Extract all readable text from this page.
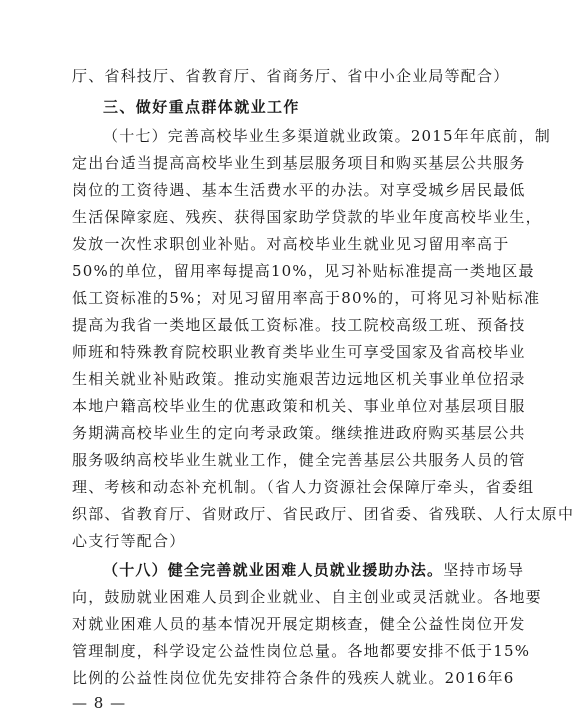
厅、省科技厅、省教育厅、省商务厅、省中小企业局等配合）
三、做好重点群体就业工作
（十七）完善高校毕业生多渠道就业政策。2015年年底前，制
定出台适当提高高校毕业生到基层服务项目和购买基层公共服务
岗位的工资待遇、基本生活费水平的办法。对享受城乡居民最低
生活保障家庭、残疾、获得国家助学贷款的毕业年度高校毕业生，
发放一次性求职创业补贴。对高校毕业生就业见习留用率高于
50%的单位，留用率每提高10%，见习补贴标准提高一类地区最
低工资标准的5%；对见习留用率高于80%的，可将见习补贴标准
提高为我省一类地区最低工资标准。技工院校高级工班、预备技
师班和特殊教育院校职业教育类毕业生可享受国家及省高校毕业
生相关就业补贴政策。推动实施艰苦边远地区机关事业单位招录
本地户籍高校毕业生的优惠政策和机关、事业单位对基层项目服
务期满高校毕业生的定向考录政策。继续推进政府购买基层公共
服务吸纳高校毕业生就业工作，健全完善基层公共服务人员的管
理、考核和动态补充机制。（省人力资源社会保障厅牵头，省委组
织部、省教育厅、省财政厅、省民政厅、团省委、省残联、人行太原中
心支行等配合）
（十八）健全完善就业困难人员就业援助办法。坚持市场导
向，鼓励就业困难人员到企业就业、自主创业或灵活就业。各地要
对就业困难人员的基本情况开展定期核查，健全公益性岗位开发
管理制度，科学设定公益性岗位总量。各地都要安排不低于15%
比例的公益性岗位优先安排符合条件的残疾人就业。2016年6
— 8 —
